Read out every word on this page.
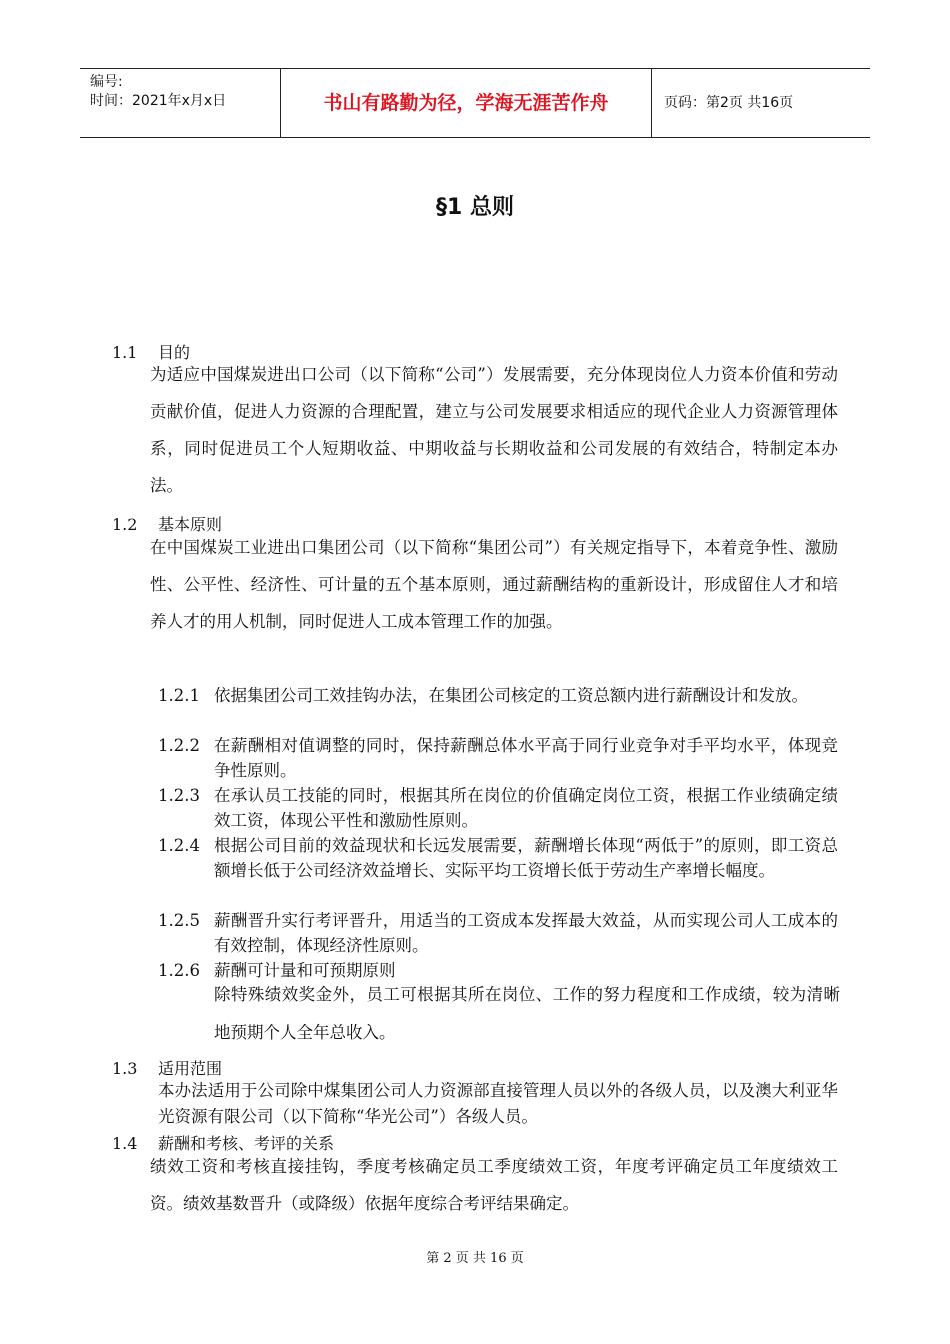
编号:
时间：2021年x月x日	书山有路勤为径，学海无涯苦作舟	页码：第2页 共16页
§1 总则
1.1 目的
为适应中国煤炭进出口公司（以下简称“公司”）发展需要，充分体现岗位人力资本价值和劳动贡献价值，促进人力资源的合理配置，建立与公司发展要求相适应的现代企业人力资源管理体系，同时促进员工个人短期收益、中期收益与长期收益和公司发展的有效结合，特制定本办法。
1.2 基本原则
在中国煤炭工业进出口集团公司（以下简称“集团公司”）有关规定指导下，本着竞争性、激励性、公平性、经济性、可计量的五个基本原则，通过薪酬结构的重新设计，形成留住人才和培养人才的用人机制，同时促进人工成本管理工作的加强。
1.2.1 依据集团公司工效挂钩办法，在集团公司核定的工资总额内进行薪酬设计和发放。
1.2.2 在薪酬相对值调整的同时，保持薪酬总体水平高于同行业竞争对手平均水平，体现竞争性原则。
1.2.3 在承认员工技能的同时，根据其所在岗位的价值确定岗位工资，根据工作业绩确定绩效工资，体现公平性和激励性原则。
1.2.4 根据公司目前的效益现状和长远发展需要，薪酬增长体现“两低于”的原则，即工资总额增长低于公司经济效益增长、实际平均工资增长低于劳动生产率增长幅度。
1.2.5 薪酬晋升实行考评晋升，用适当的工资成本发挥最大效益，从而实现公司人工成本的有效控制，体现经济性原则。
1.2.6 薪酬可计量和可预期原则
除特殊绩效奖金外，员工可根据其所在岗位、工作的努力程度和工作成绩，较为清晰地预期个人全年总收入。
1.3 适用范围
本办法适用于公司除中煤集团公司人力资源部直接管理人员以外的各级人员，以及澳大利亚华光资源有限公司（以下简称“华光公司”）各级人员。
1.4 薪酬和考核、考评的关系
绩效工资和考核直接挂钩，季度考核确定员工季度绩效工资，年度考评确定员工年度绩效工资。绩效基数晋升（或降级）依据年度综合考评结果确定。
第 2 页 共 16 页
